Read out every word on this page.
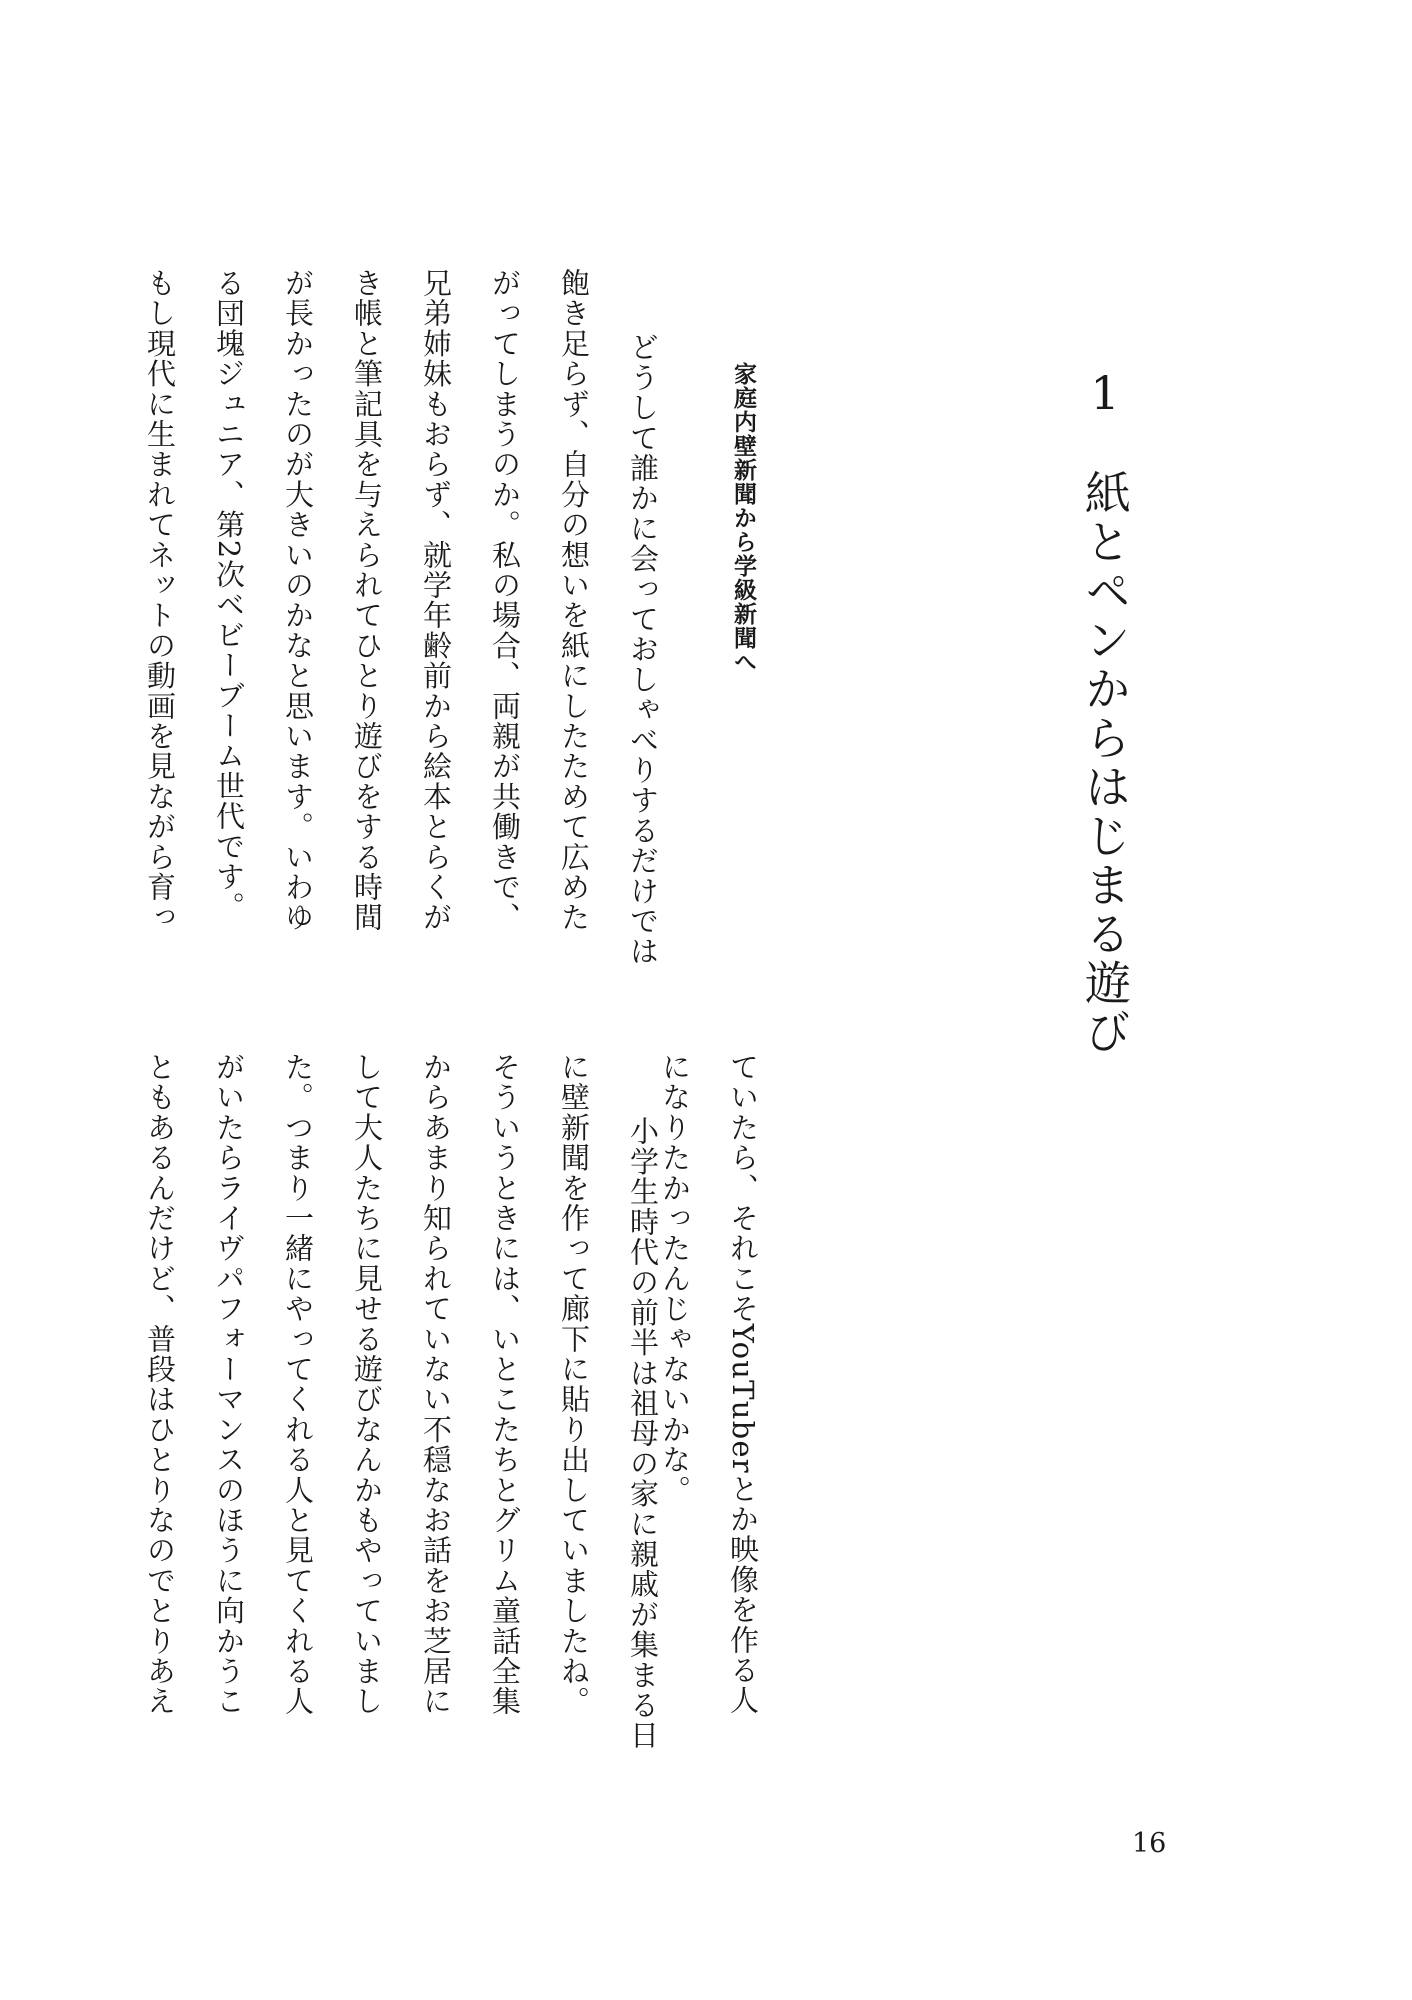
1紙とペンからはじまる遊び
家庭内壁新聞から学級新聞へ
　どうして誰かに会っておしゃべりするだけでは
飽き足らず、自分の想いを紙にしたためて広めた
がってしまうのか。私の場合、両親が共働きで、
兄弟姉妹もおらず、就学年齢前から絵本とらくが
き帳と筆記具を与えられてひとり遊びをする時間
が長かったのが大きいのかなと思います。いわゆ
る団塊ジュニア、第2次ベビーブーム世代です。
もし現代に生まれてネットの動画を見ながら育っ
ていたら、それこそYouTuberとか映像を作る人
になりたかったんじゃないかな。
　小学生時代の前半は祖母の家に親戚が集まる日
に壁新聞を作って廊下に貼り出していましたね。
そういうときには、いとこたちとグリム童話全集
からあまり知られていない不穏なお話をお芝居に
して大人たちに見せる遊びなんかもやっていまし
た。つまり一緒にやってくれる人と見てくれる人
がいたらライヴパフォーマンスのほうに向かうこ
ともあるんだけど、普段はひとりなのでとりあえ
16
